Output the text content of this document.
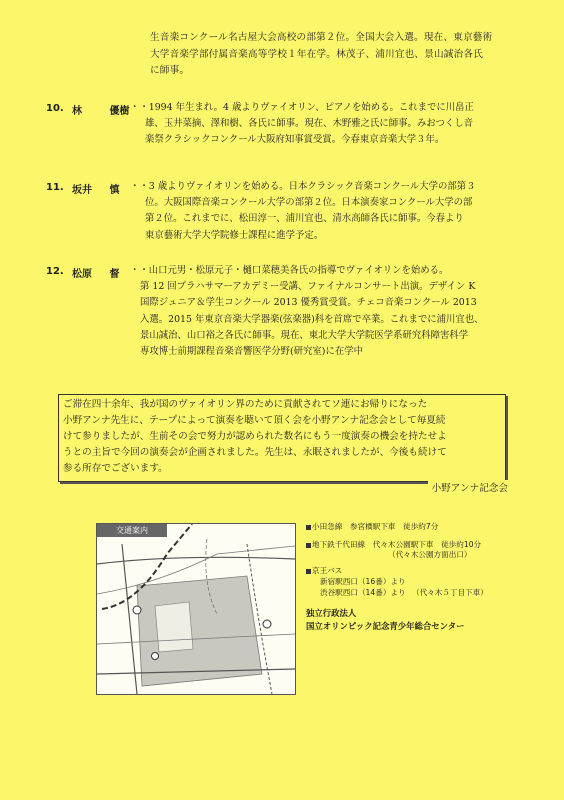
生音楽コンクール名古屋大会高校の部第２位。全国大会入選。現在、東京藝術
大学音楽学部付属音楽高等学校１年在学。林茂子、浦川宜也、景山誠治各氏
に師事。
10. 林	優樹 ・・1994 年生まれ。4 歳よりヴァイオリン、ピアノを始める。これまでに川畠正
雄、玉井菜摘、澤和樹、各氏に師事。現在、木野雅之氏に師事。みおつくし音
楽祭クラシックコンクール大阪府知事賞受賞。今春東京音楽大学３年。
11. 坂井 慎 ・・3 歳よりヴァイオリンを始める。日本クラシック音楽コンクール大学の部第３
位。大阪国際音楽コンクール大学の部第２位。日本演奏家コンクール大学の部
第２位。これまでに、松田淳一、浦川宜也、清水高師各氏に師事。今春より
東京藝術大学大学院修士課程に進学予定。
12. 松原 督 ・・山口元男・松原元子・樋口菜穂美各氏の指導でヴァイオリンを始める。
第 12 回プラハサマーアカデミー受講、ファイナルコンサート出演。デザイン K
国際ジュニア＆学生コンクール 2013 優秀賞受賞。チェコ音楽コンクール 2013
入選。2015 年東京音楽大学器楽(弦楽器)科を首席で卒業。これまでに浦川宜也、
景山誠治、山口裕之各氏に師事。現在、東北大学大学院医学系研究科障害科学
専攻博士前期課程音楽音響医学分野(研究室)に在学中
ご滞在四十余年、我が国のヴァイオリン界のために貢献されてソ連にお帰りになった
小野アンナ先生に、テープによって演奏を聴いて頂く会を小野アンナ記念会として毎夏続
けて参りましたが、生前その会で努力が認められた数名にもう一度演奏の機会を持たせよ
うとの主旨で今回の演奏会が企画されました。先生は、永眠されましたが、今後も続けて
参る所存でございます。
小野アンナ記念会
交通案内	小田急線　参宮橋駅下車　徒歩約7分
地下鉄千代田線　代々木公園駅下車　徒歩約10分
（代々木公園方面出口）
京王バス
新宿駅西口（16番）より
渋谷駅西口（14番）より （代々木５丁目下車）
独立行政法人
国立オリンピック記念青少年総合センター
